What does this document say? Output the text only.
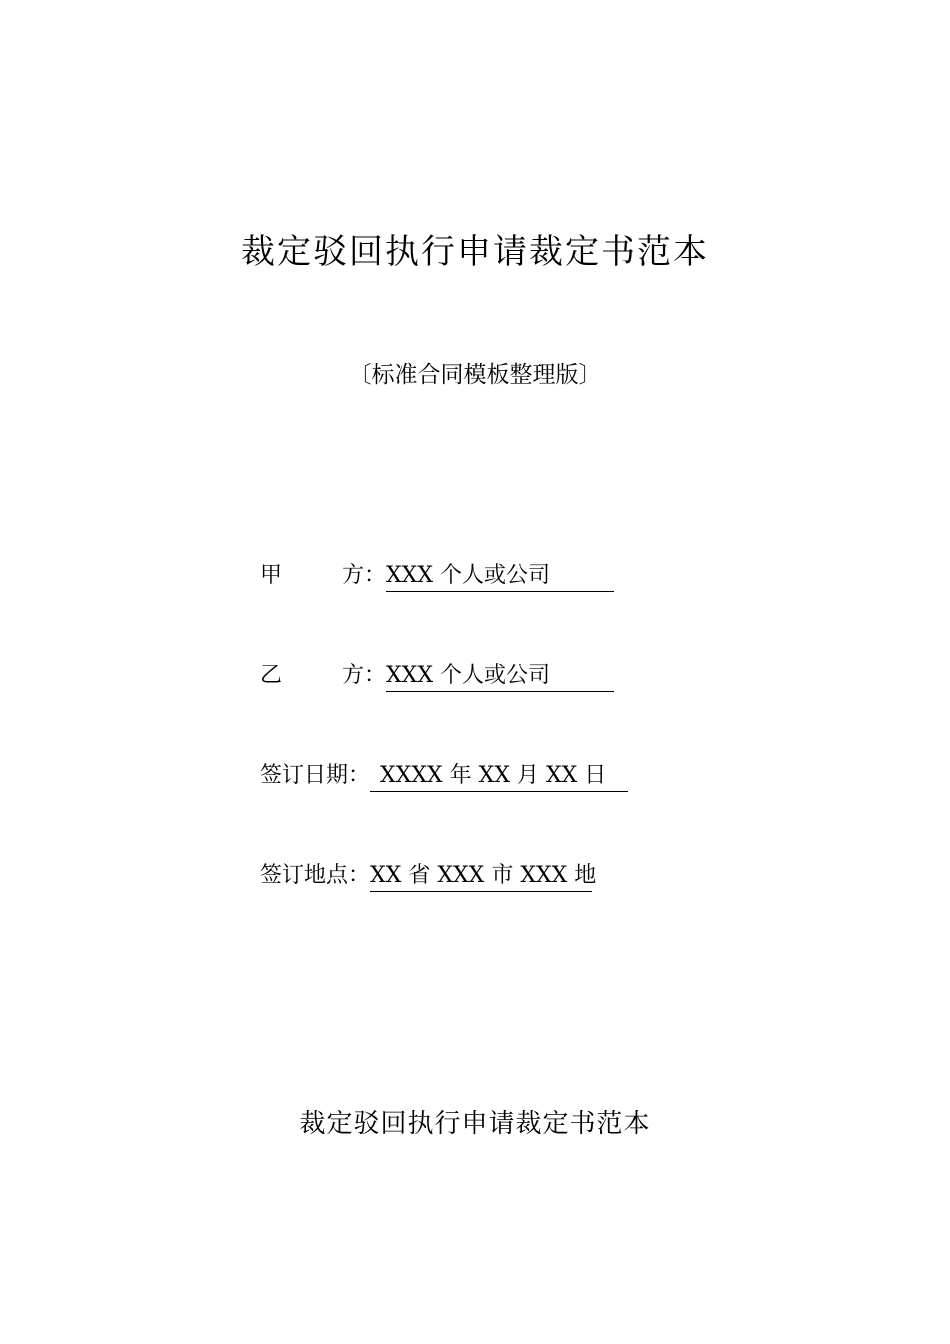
裁定驳回执行申请裁定书范本
〔标准合同模板整理版〕
甲	方 ：XXX 个人或公司
乙	方 ：XXX 个人或公司
签订日期： XXXX 年 XX 月 XX 日
签订地点：XX 省 XXX 市 XXX 地
裁定驳回执行申请裁定书范本
